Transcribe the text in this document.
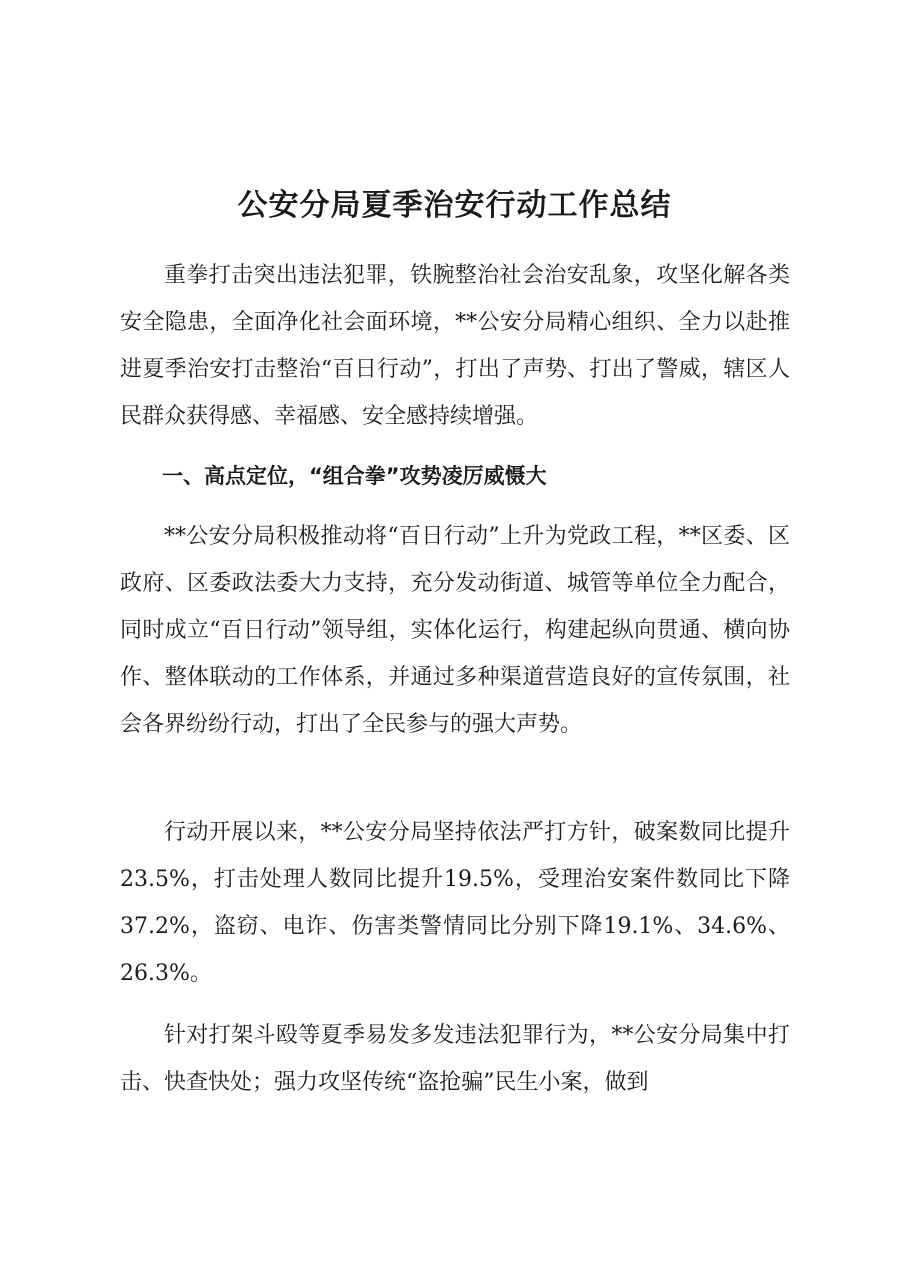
公安分局夏季治安行动工作总结

重拳打击突出违法犯罪，铁腕整治社会治安乱象，攻坚化解各类安全隐患，全面净化社会面环境，**公安分局精心组织、全力以赴推进夏季治安打击整治“百日行动”，打出了声势、打出了警威，辖区人民群众获得感、幸福感、安全感持续增强。

一、高点定位，“组合拳”攻势凌厉威慑大

**公安分局积极推动将“百日行动”上升为党政工程，**区委、区政府、区委政法委大力支持，充分发动街道、城管等单位全力配合，同时成立“百日行动”领导组，实体化运行，构建起纵向贯通、横向协作、整体联动的工作体系，并通过多种渠道营造良好的宣传氛围，社会各界纷纷行动，打出了全民参与的强大声势。

行动开展以来，**公安分局坚持依法严打方针，破案数同比提升23.5%，打击处理人数同比提升19.5%，受理治安案件数同比下降37.2%，盗窃、电诈、伤害类警情同比分别下降19.1%、34.6%、26.3%。

针对打架斗殴等夏季易发多发违法犯罪行为，**公安分局集中打击、快查快处；强力攻坚传统“盗抢骗”民生小案，做到
